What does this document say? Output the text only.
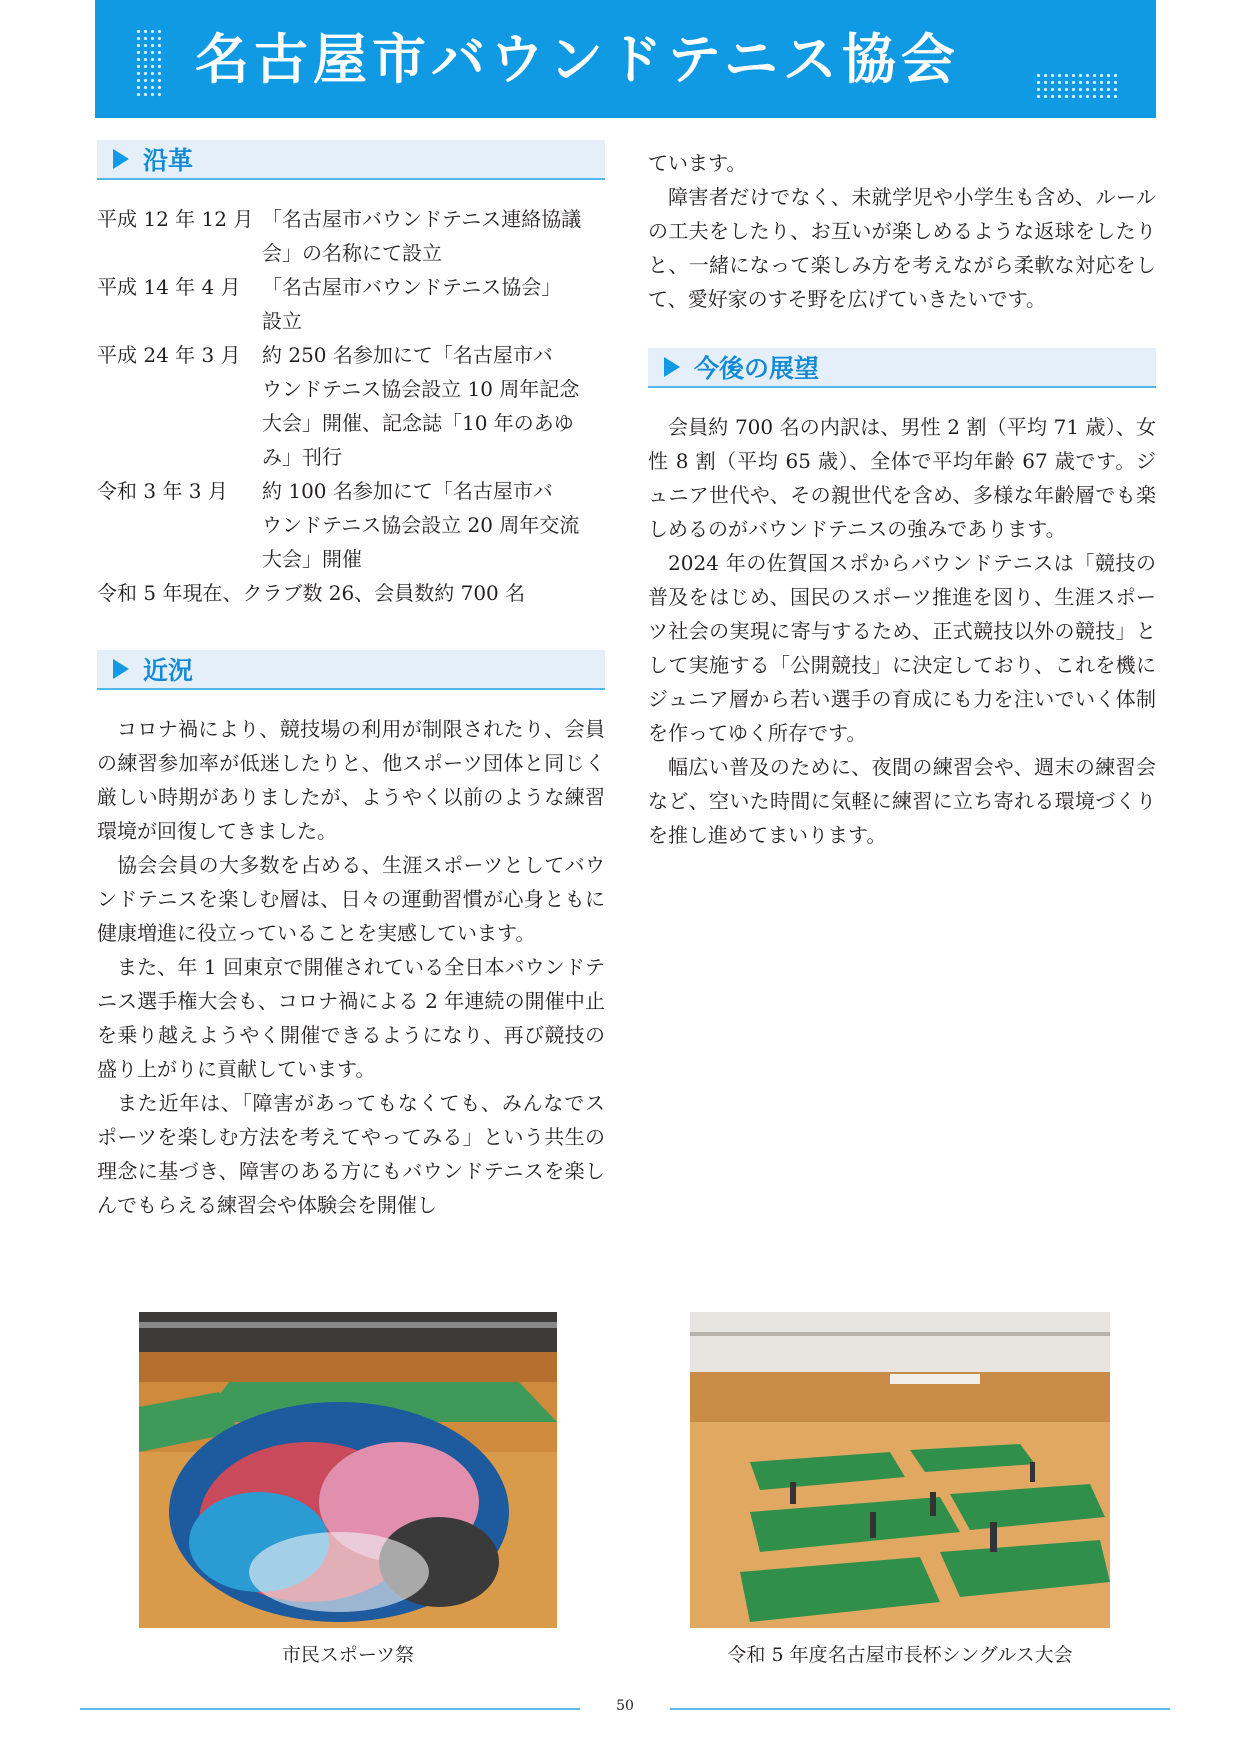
名古屋市バウンドテニス協会
沿革
平成 12 年 12 月	「名古屋市バウンドテニス連絡協議
会」の名称にて設立

平成 14 年 4 月	「名古屋市バウンドテニス協会」
設立

平成 24 年 3 月	約 250 名参加にて「名古屋市バ
ウンドテニス協会設立 10 周年記念
大会」開催、記念誌「10 年のあゆ
み」刊行

令和 3 年 3 月	約 100 名参加にて「名古屋市バ
ウンドテニス協会設立 20 周年交流
大会」開催

令和 5 年現在、クラブ数 26、会員数約 700 名	
近況

コロナ禍により、競技場の利用が制限されたり、会員の練習参加率が低迷したりと、他スポーツ団体と同じく厳しい時期がありましたが、ようやく以前のような練習環境が回復してきました。

協会会員の大多数を占める、生涯スポーツとしてバウンドテニスを楽しむ層は、日々の運動習慣が心身ともに健康増進に役立っていることを実感しています。

また、年 1 回東京で開催されている全日本バウンドテニス選手権大会も、コロナ禍による 2 年連続の開催中止を乗り越えようやく開催できるようになり、再び競技の盛り上がりに貢献しています。

また近年は、「障害があってもなくても、みんなでスポーツを楽しむ方法を考えてやってみる」という共生の理念に基づき、障害のある方にもバウンドテニスを楽しんでもらえる練習会や体験会を開催し

ています。

障害者だけでなく、未就学児や小学生も含め、ルールの工夫をしたり、お互いが楽しめるような返球をしたりと、一緒になって楽しみ方を考えながら柔軟な対応をして、愛好家のすそ野を広げていきたいです。

今後の展望

会員約 700 名の内訳は、男性 2 割（平均 71 歳）、女性 8 割（平均 65 歳）、全体で平均年齢 67 歳です。ジュニア世代や、その親世代を含め、多様な年齢層でも楽しめるのがバウンドテニスの強みであります。

2024 年の佐賀国スポからバウンドテニスは「競技の普及をはじめ、国民のスポーツ推進を図り、生涯スポーツ社会の実現に寄与するため、正式競技以外の競技」として実施する「公開競技」に決定しており、これを機にジュニア層から若い選手の育成にも力を注いでいく体制を作ってゆく所存です。

幅広い普及のために、夜間の練習会や、週末の練習会など、空いた時間に気軽に練習に立ち寄れる環境づくりを推し進めてまいります。

市民スポーツ祭	令和 5 年度名古屋市長杯シングルス大会
50
